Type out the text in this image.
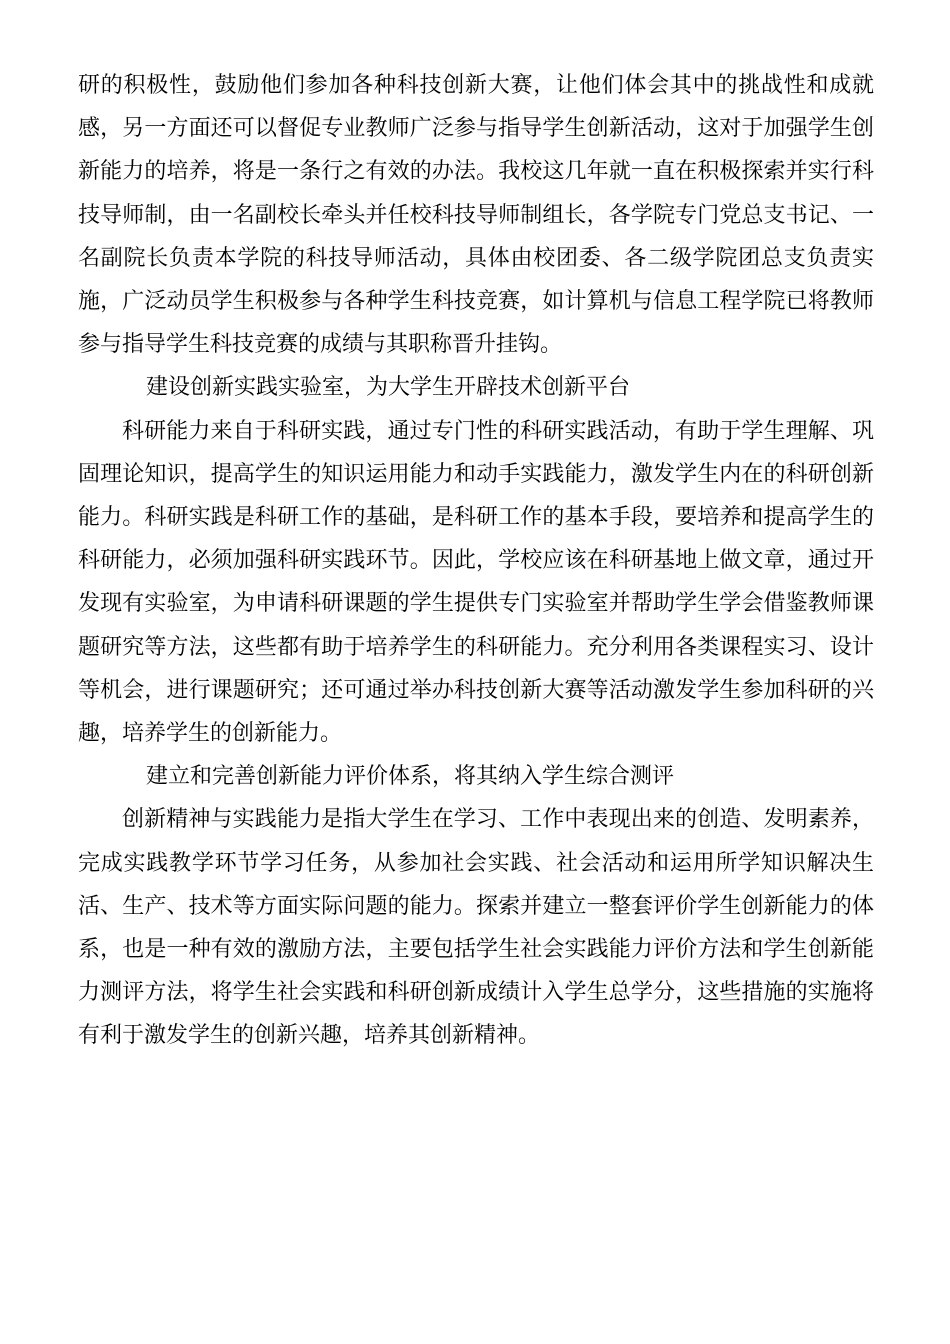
研的积极性，鼓励他们参加各种科技创新大赛，让他们体会其中的挑战性和成就感，另一方面还可以督促专业教师广泛参与指导学生创新活动，这对于加强学生创新能力的培养，将是一条行之有效的办法。我校这几年就一直在积极探索并实行科技导师制，由一名副校长牵头并任校科技导师制组长，各学院专门党总支书记、一名副院长负责本学院的科技导师活动，具体由校团委、各二级学院团总支负责实施，广泛动员学生积极参与各种学生科技竞赛，如计算机与信息工程学院已将教师参与指导学生科技竞赛的成绩与其职称晋升挂钩。

建设创新实践实验室，为大学生开辟技术创新平台

科研能力来自于科研实践，通过专门性的科研实践活动，有助于学生理解、巩固理论知识，提高学生的知识运用能力和动手实践能力，激发学生内在的科研创新能力。科研实践是科研工作的基础，是科研工作的基本手段，要培养和提高学生的科研能力，必须加强科研实践环节。因此，学校应该在科研基地上做文章，通过开发现有实验室，为申请科研课题的学生提供专门实验室并帮助学生学会借鉴教师课题研究等方法，这些都有助于培养学生的科研能力。充分利用各类课程实习、设计等机会，进行课题研究；还可通过举办科技创新大赛等活动激发学生参加科研的兴趣，培养学生的创新能力。

建立和完善创新能力评价体系，将其纳入学生综合测评

创新精神与实践能力是指大学生在学习、工作中表现出来的创造、发明素养，完成实践教学环节学习任务，从参加社会实践、社会活动和运用所学知识解决生活、生产、技术等方面实际问题的能力。探索并建立一整套评价学生创新能力的体系，也是一种有效的激励方法，主要包括学生社会实践能力评价方法和学生创新能力测评方法，将学生社会实践和科研创新成绩计入学生总学分，这些措施的实施将有利于激发学生的创新兴趣，培养其创新精神。
